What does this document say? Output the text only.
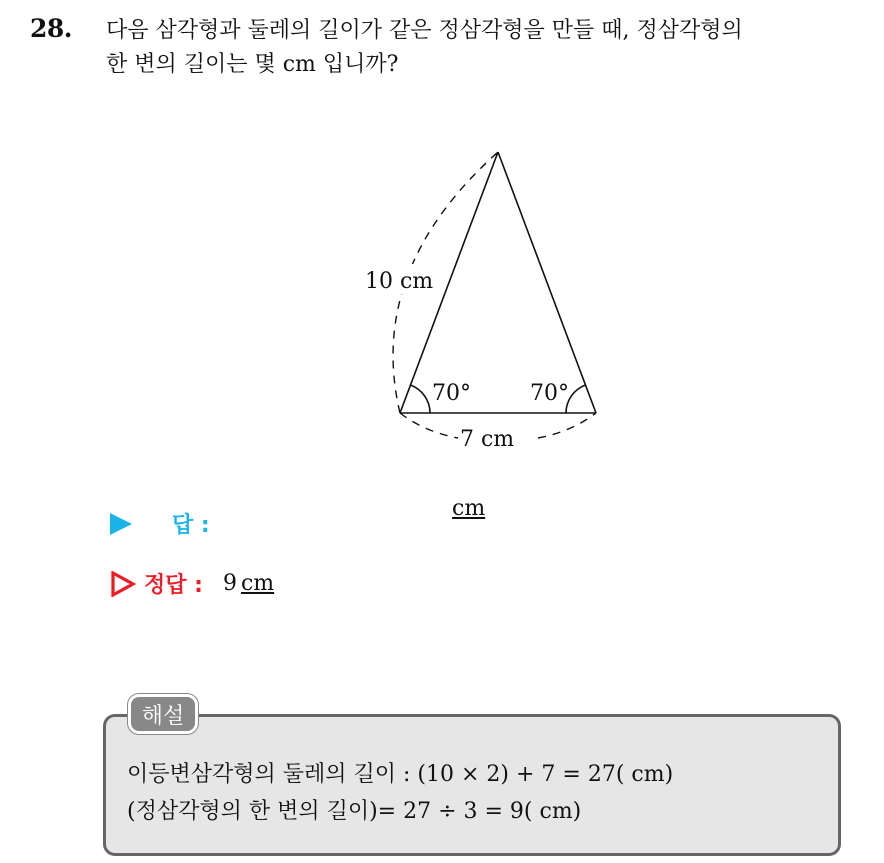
28. 다음 삼각형과 둘레의 길이가 같은 정삼각형을 만들 때, 정삼각형의
한 변의 길이는 몇 cm 입니까?
10 cm
7 cm
70°	70°
답 :
cm
정답 : 9 cm
해설
이등변삼각형의 둘레의 길이 : (10 × 2) + 7 = 27( cm)
(정삼각형의 한 변의 길이)= 27 ÷ 3 = 9( cm)
